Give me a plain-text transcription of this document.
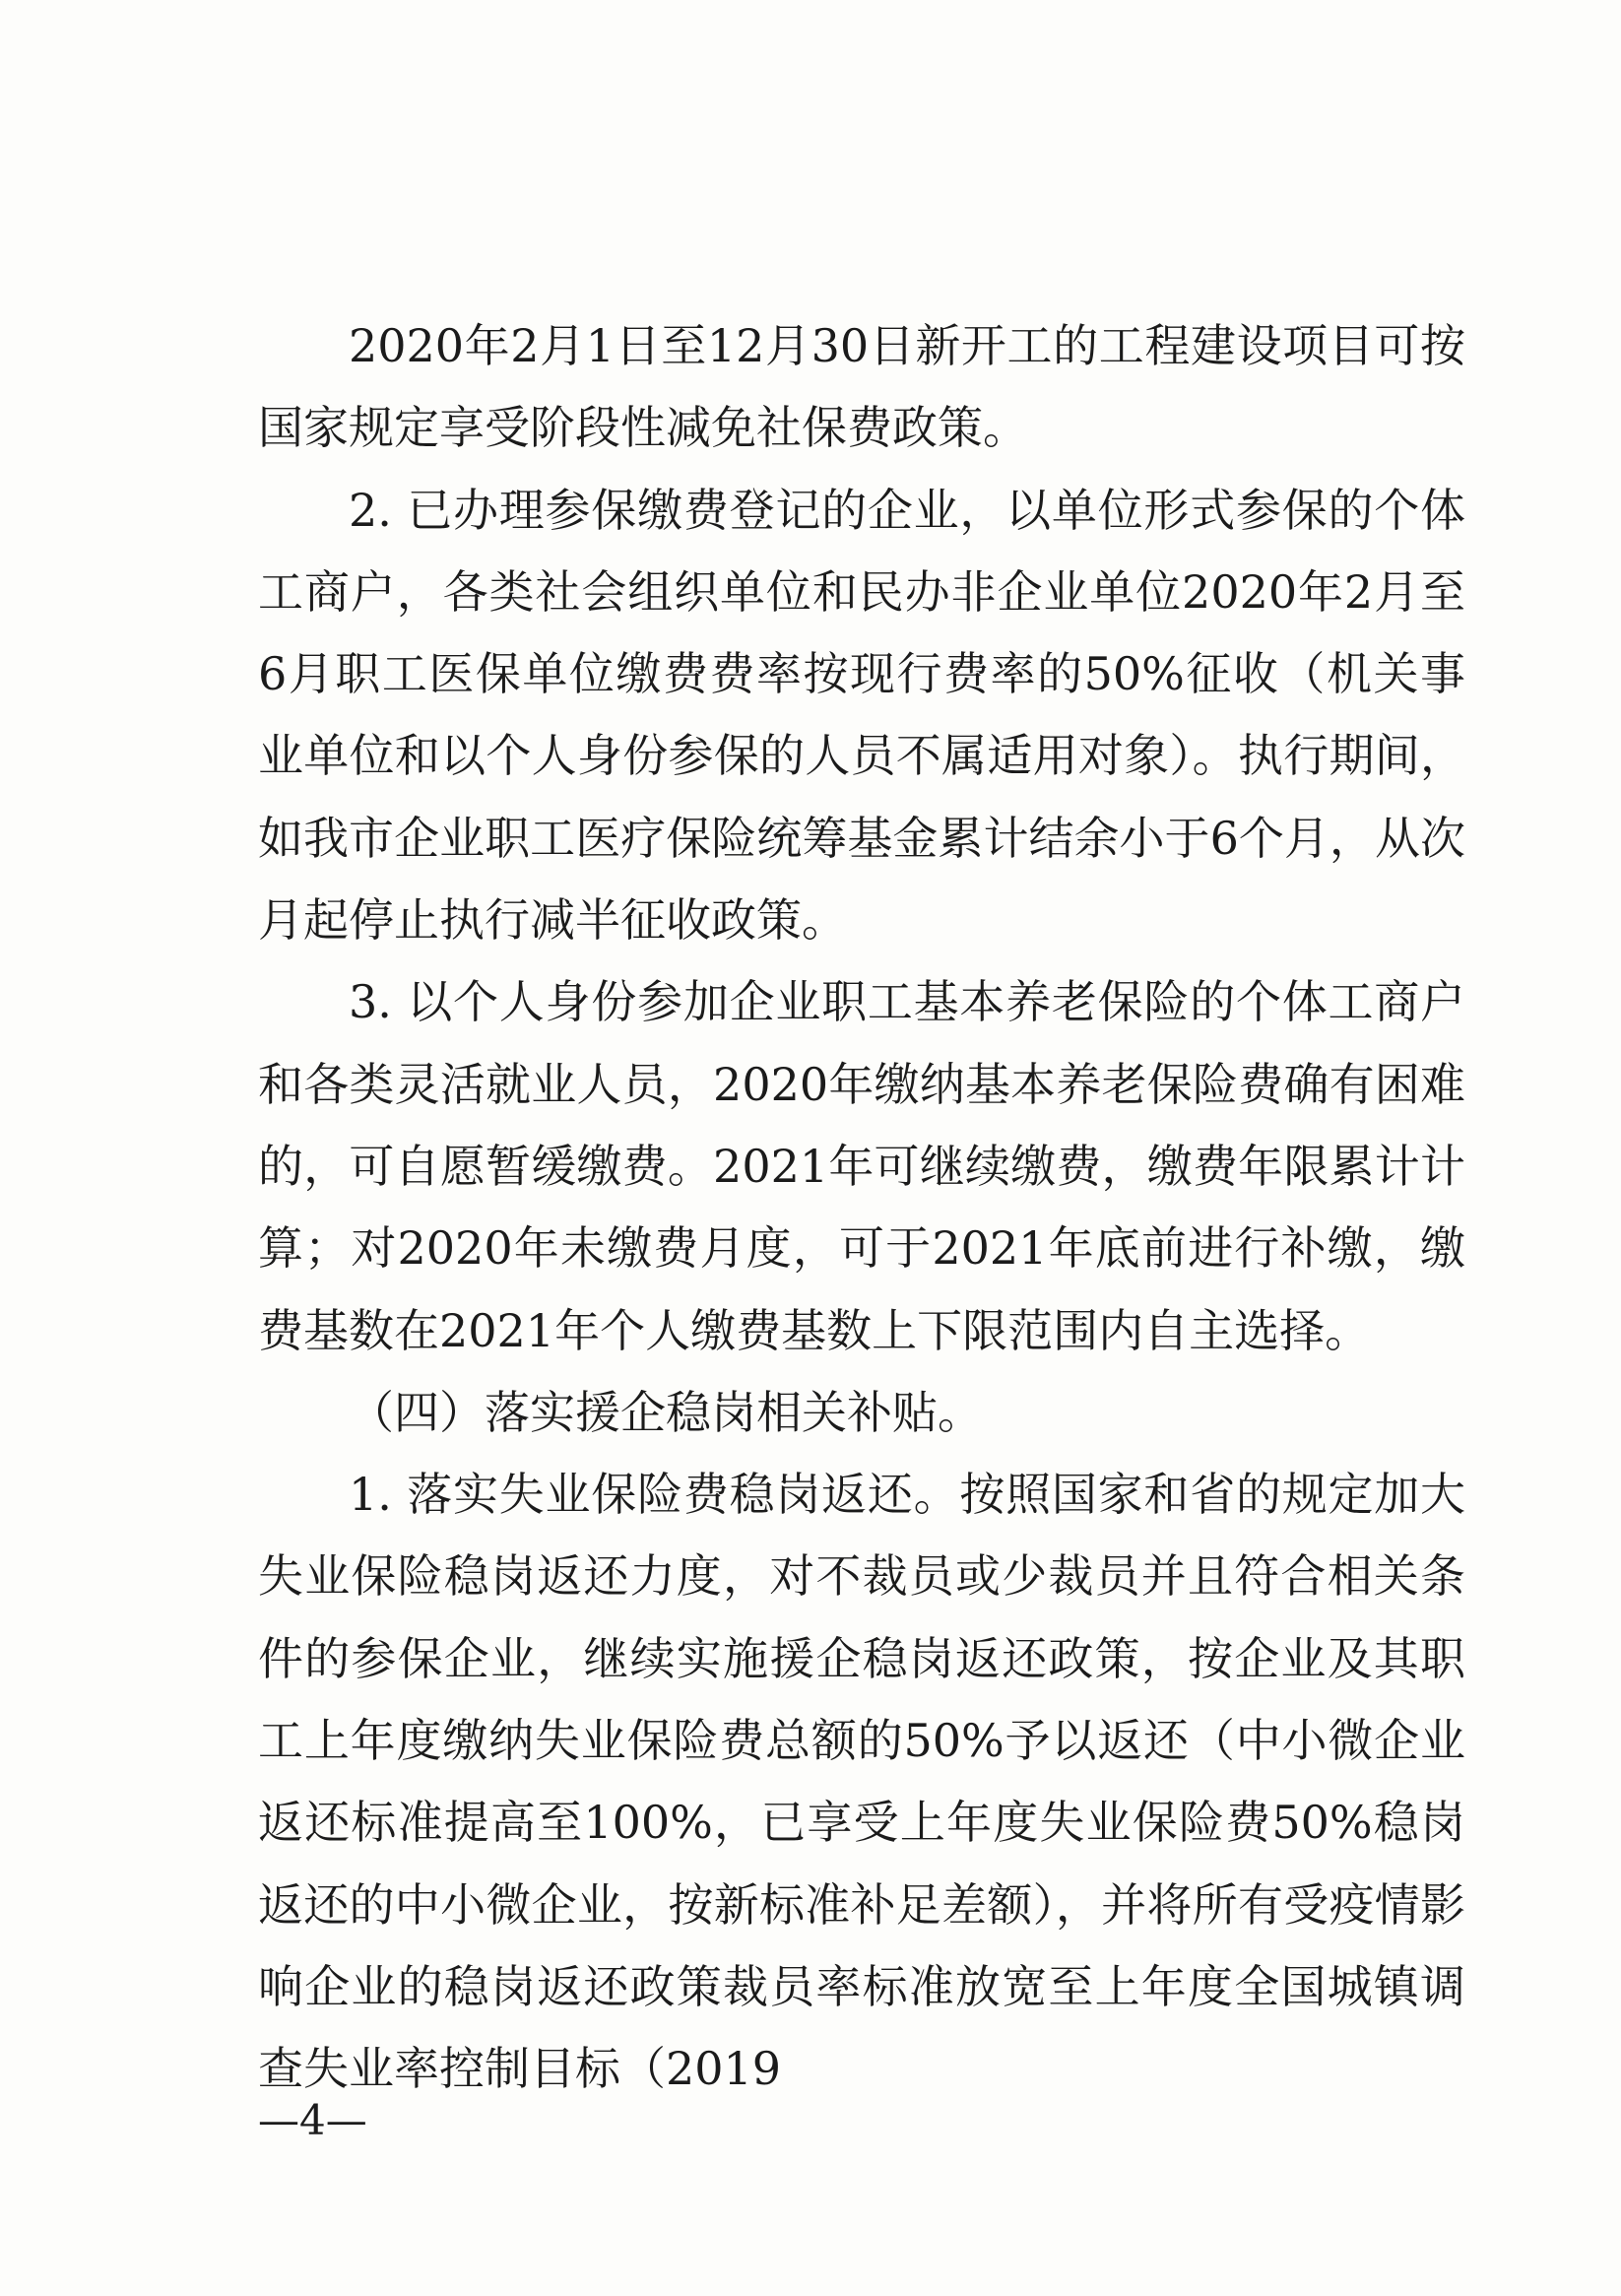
2020年2月1日至12月30日新开工的工程建设项目可按国家规定享受阶段性减免社保费政策。

2. 已办理参保缴费登记的企业，以单位形式参保的个体工商户，各类社会组织单位和民办非企业单位2020年2月至6月职工医保单位缴费费率按现行费率的50%征收（机关事业单位和以个人身份参保的人员不属适用对象）。执行期间，如我市企业职工医疗保险统筹基金累计结余小于6个月，从次月起停止执行减半征收政策。

3. 以个人身份参加企业职工基本养老保险的个体工商户和各类灵活就业人员，2020年缴纳基本养老保险费确有困难的，可自愿暂缓缴费。2021年可继续缴费，缴费年限累计计算；对2020年未缴费月度，可于2021年底前进行补缴，缴费基数在2021年个人缴费基数上下限范围内自主选择。

（四）落实援企稳岗相关补贴。

1. 落实失业保险费稳岗返还。按照国家和省的规定加大失业保险稳岗返还力度，对不裁员或少裁员并且符合相关条件的参保企业，继续实施援企稳岗返还政策，按企业及其职工上年度缴纳失业保险费总额的50%予以返还（中小微企业返还标准提高至100%，已享受上年度失业保险费50%稳岗返还的中小微企业，按新标准补足差额），并将所有受疫情影响企业的稳岗返还政策裁员率标准放宽至上年度全国城镇调查失业率控制目标（2019

—4—
